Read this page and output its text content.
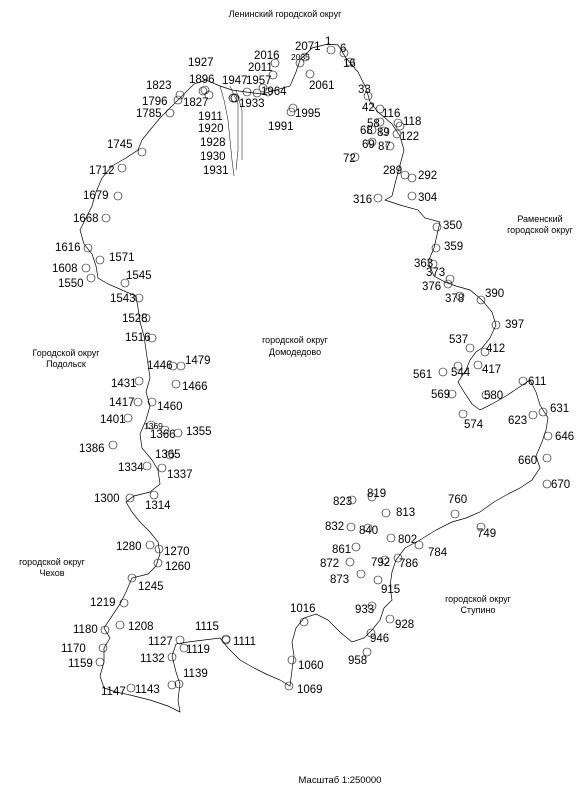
2071 1
6
16
2016 2035
2011
2061 33
1957
1964
1947
1927
1896
1823
1796
1785
1827	1933
1911
1920
1928
1930
1931
1995
1991
42
58
116
118
68 89 122
69 87
72
289 292
316	304
1745
1712
1679
1668
1616
1571
1608
1550
1545
1543
1528
1516
350
359
363
373
376
378 390
397
537
412
561 544 417
569	580
574
611
631
623
646
660
670
1479
1446
1466
1431
1417 1460
1401 1369
1366 1355
1386	1365
1334
1337
1300
1314	823
819
813
760
832 840
802	749
861	784
872	792 786
873
1280 1270
1260
1245	915
1219
1208
933
928
1016
1180	1115
1127	1111	946
1170	1119
1132	958
1159	1060
1139
1147 1143	1069
Ленинский городской округ
Раменский
городской округ
городской округ
Домодедово
Городской округ
Подольск
городской округ
Чехов
городской округ
Ступино
Масштаб 1:250000
